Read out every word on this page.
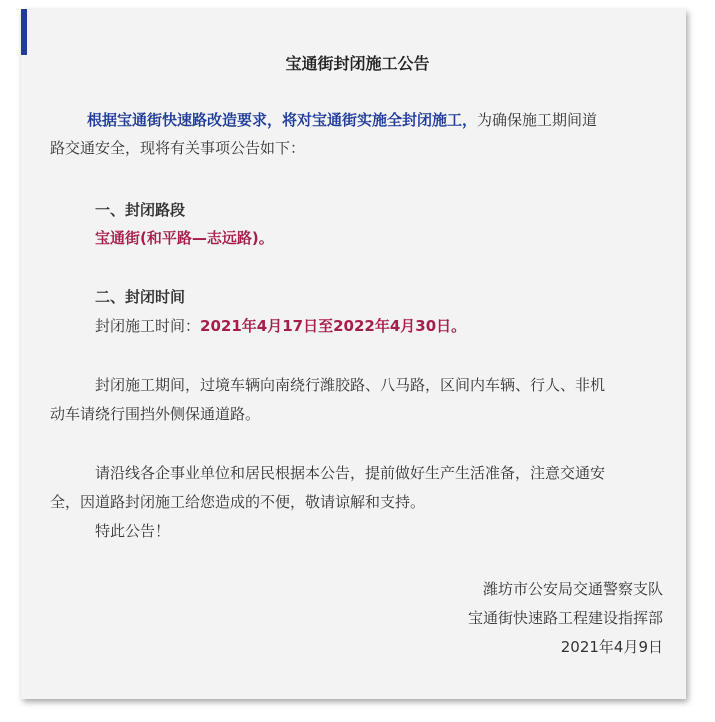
宝通街封闭施工公告
根据宝通街快速路改造要求，将对宝通街实施全封闭施工，为确保施工期间道
路交通安全，现将有关事项公告如下：
一、封闭路段
宝通街(和平路—志远路)。
二、封闭时间
封闭施工时间：2021年4月17日至2022年4月30日。
封闭施工期间，过境车辆向南绕行潍胶路、八马路，区间内车辆、行人、非机
动车请绕行围挡外侧保通道路。
请沿线各企事业单位和居民根据本公告，提前做好生产生活准备，注意交通安
全，因道路封闭施工给您造成的不便，敬请谅解和支持。
特此公告！
潍坊市公安局交通警察支队
宝通街快速路工程建设指挥部
2021年4月9日
